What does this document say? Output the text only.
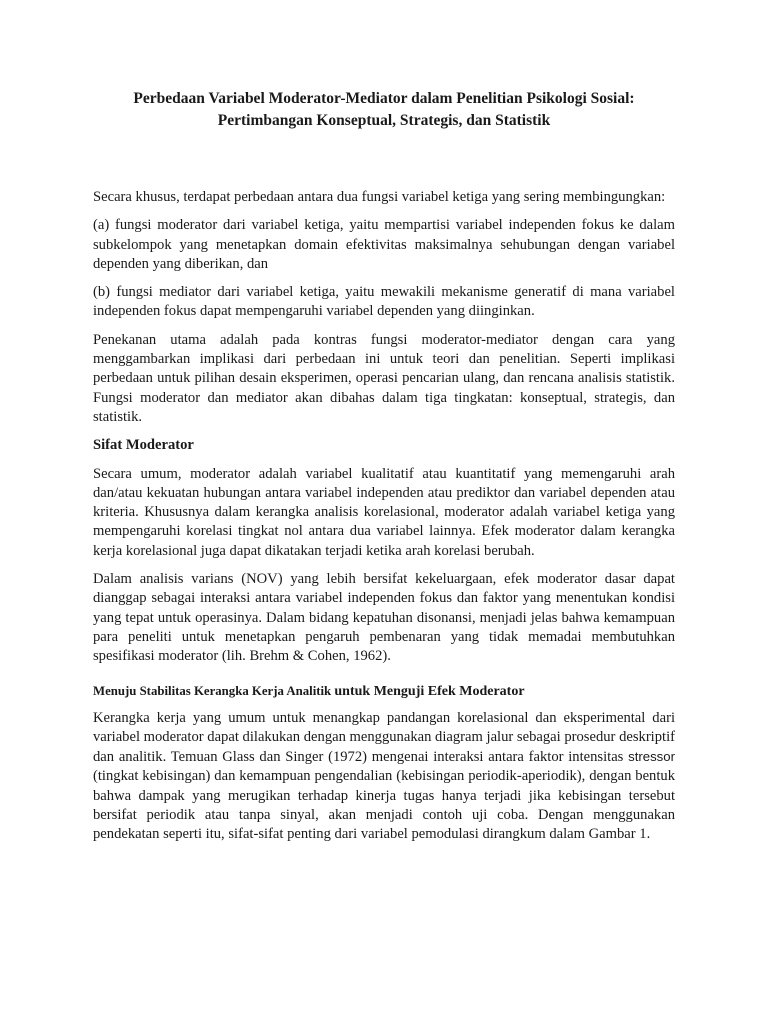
Perbedaan Variabel Moderator-Mediator dalam Penelitian Psikologi Sosial:
Pertimbangan Konseptual, Strategis, dan Statistik

Secara khusus, terdapat perbedaan antara dua fungsi variabel ketiga yang sering membingungkan:

(a) fungsi moderator dari variabel ketiga, yaitu mempartisi variabel independen fokus ke dalam subkelompok yang menetapkan domain efektivitas maksimalnya sehubungan dengan variabel dependen yang diberikan, dan

(b) fungsi mediator dari variabel ketiga, yaitu mewakili mekanisme generatif di mana variabel independen fokus dapat mempengaruhi variabel dependen yang diinginkan.

Penekanan utama adalah pada kontras fungsi moderator-mediator dengan cara yang menggambarkan implikasi dari perbedaan ini untuk teori dan penelitian. Seperti implikasi perbedaan untuk pilihan desain eksperimen, operasi pencarian ulang, dan rencana analisis statistik. Fungsi moderator dan mediator akan dibahas dalam tiga tingkatan: konseptual, strategis, dan statistik.

Sifat Moderator

Secara umum, moderator adalah variabel kualitatif atau kuantitatif yang memengaruhi arah dan/atau kekuatan hubungan antara variabel independen atau prediktor dan variabel dependen atau kriteria. Khususnya dalam kerangka analisis korelasional, moderator adalah variabel ketiga yang mempengaruhi korelasi tingkat nol antara dua variabel lainnya. Efek moderator dalam kerangka kerja korelasional juga dapat dikatakan terjadi ketika arah korelasi berubah.

Dalam analisis varians (NOV) yang lebih bersifat kekeluargaan, efek moderator dasar dapat dianggap sebagai interaksi antara variabel independen fokus dan faktor yang menentukan kondisi yang tepat untuk operasinya. Dalam bidang kepatuhan disonansi, menjadi jelas bahwa kemampuan para peneliti untuk menetapkan pengaruh pembenaran yang tidak memadai membutuhkan spesifikasi moderator (lih. Brehm & Cohen, 1962).

Menuju Stabilitas Kerangka Kerja Analitik untuk Menguji Efek Moderator

Kerangka kerja yang umum untuk menangkap pandangan korelasional dan eksperimental dari variabel moderator dapat dilakukan dengan menggunakan diagram jalur sebagai prosedur deskriptif dan analitik. Temuan Glass dan Singer (1972) mengenai interaksi antara faktor intensitas stressor (tingkat kebisingan) dan kemampuan pengendalian (kebisingan periodik-aperiodik), dengan bentuk bahwa dampak yang merugikan terhadap kinerja tugas hanya terjadi jika kebisingan tersebut bersifat periodik atau tanpa sinyal, akan menjadi contoh uji coba. Dengan menggunakan pendekatan seperti itu, sifat-sifat penting dari variabel pemodulasi dirangkum dalam Gambar 1.
